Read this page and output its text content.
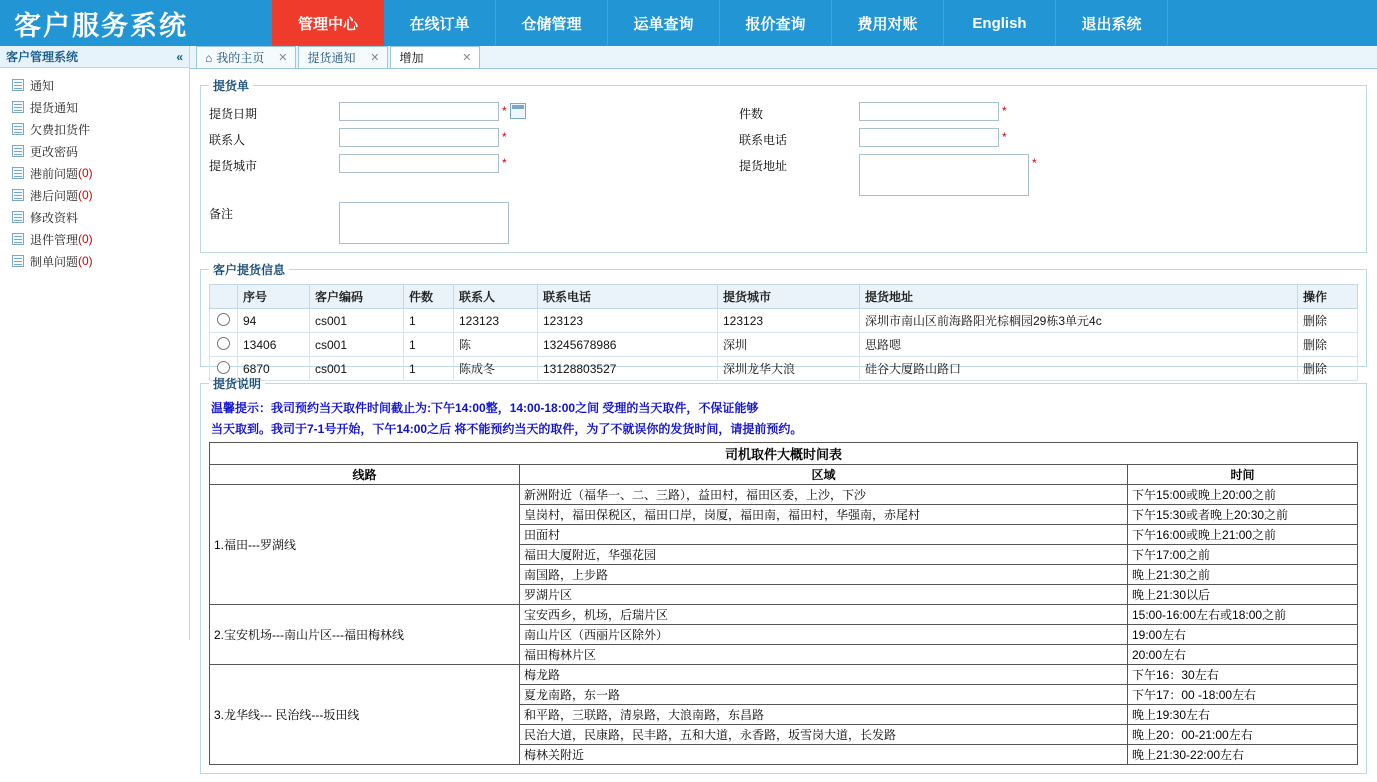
客户服务系统	管理中心	在线订单	仓储管理	运单查询	报价查询	费用对账	English	退出系统
客户管理系统	«
通知
提货通知
欠费扣货件
更改密码
港前问题 (0)
港后问题 (0)
修改资料
退件管理 (0)
制单问题 (0)
⌂ 我的主页 ✕ 提货通知 ✕ 增加	✕
提货单
提货日期	*	件数	*
联系人	*	联系电话	*
提货城市	*	提货地址	*
备注
客户提货信息
	序号	客户编码	件数	联系人	联系电话	提货城市	提货地址	操作
	94	cs001	1	123123	123123	123123	深圳市南山区前海路阳光棕榈园29栋3单元4c	删除
	13406	cs001	1	陈	13245678986	深圳	思路嗯	删除
	6870	cs001	1	陈成冬	13128803527	深圳龙华大浪	硅谷大厦路山路口	删除
提货说明
温馨提示：我司预约当天取件时间截止为:下午14:00整，14:00-18:00之间 受理的当天取件，不保证能够
当天取到。我司于7-1号开始，下午14:00之后 将不能预约当天的取件，为了不就误你的发货时间，请提前预约。
司机取件大概时间表		
线路	区域	时间
1.福田---罗湖线	新洲附近（福华一、二、三路），益田村，福田区委，上沙，下沙	下午15:00或晚上20:00之前
	皇岗村，福田保税区，福田口岸，岗厦，福田南，福田村，华强南，赤尾村	下午15:30或者晚上20:30之前
	田面村	下午16:00或晚上21:00之前
	福田大厦附近，华强花园	下午17:00之前
	南国路，上步路	晚上21:30之前
	罗湖片区	晚上21:30以后
2.宝安机场---南山片区---福田梅林线	宝安西乡，机场，后瑞片区	15:00-16:00左右或18:00之前
	南山片区（西丽片区除外）	19:00左右
	福田梅林片区	20:00左右
3.龙华线--- 民治线---坂田线	梅龙路	下午16：30左右
	夏龙南路，东一路	下午17：00 -18:00左右
	和平路，三联路，清泉路，大浪南路，东昌路	晚上19:30左右
	民治大道，民康路，民丰路，五和大道，永香路，坂雪岗大道，长发路	晚上20：00-21:00左右
	梅林关附近	晚上21:30-22:00左右
